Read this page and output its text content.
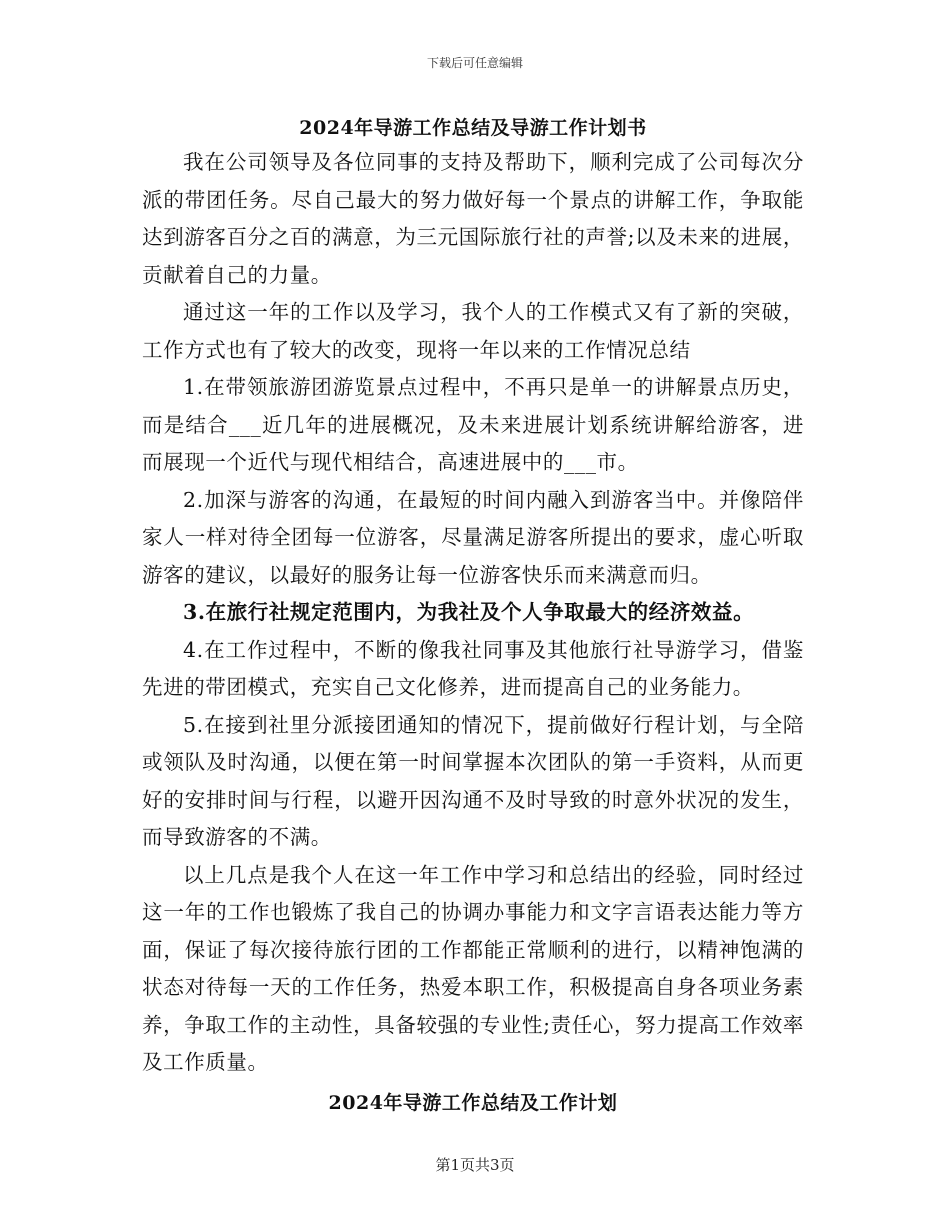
下载后可任意编辑
2024年导游工作总结及导游工作计划书

我在公司领导及各位同事的支持及帮助下，顺利完成了公司每次分派的带团任务。尽自己最大的努力做好每一个景点的讲解工作，争取能达到游客百分之百的满意，为三元国际旅行社的声誉;以及未来的进展，贡献着自己的力量。

通过这一年的工作以及学习，我个人的工作模式又有了新的突破，工作方式也有了较大的改变，现将一年以来的工作情况总结

1.在带领旅游团游览景点过程中，不再只是单一的讲解景点历史，而是结合___近几年的进展概况，及未来进展计划系统讲解给游客，进而展现一个近代与现代相结合，高速进展中的___市。

2.加深与游客的沟通，在最短的时间内融入到游客当中。并像陪伴家人一样对待全团每一位游客，尽量满足游客所提出的要求，虚心听取游客的建议，以最好的服务让每一位游客快乐而来满意而归。

3.在旅行社规定范围内，为我社及个人争取最大的经济效益。

4.在工作过程中，不断的像我社同事及其他旅行社导游学习，借鉴先进的带团模式，充实自己文化修养，进而提高自己的业务能力。

5.在接到社里分派接团通知的情况下，提前做好行程计划，与全陪或领队及时沟通，以便在第一时间掌握本次团队的第一手资料，从而更好的安排时间与行程，以避开因沟通不及时导致的时意外状况的发生，而导致游客的不满。

以上几点是我个人在这一年工作中学习和总结出的经验，同时经过这一年的工作也锻炼了我自己的协调办事能力和文字言语表达能力等方面，保证了每次接待旅行团的工作都能正常顺利的进行，以精神饱满的状态对待每一天的工作任务，热爱本职工作，积极提高自身各项业务素养，争取工作的主动性，具备较强的专业性;责任心，努力提高工作效率及工作质量。

2024年导游工作总结及工作计划
第1页共3页
